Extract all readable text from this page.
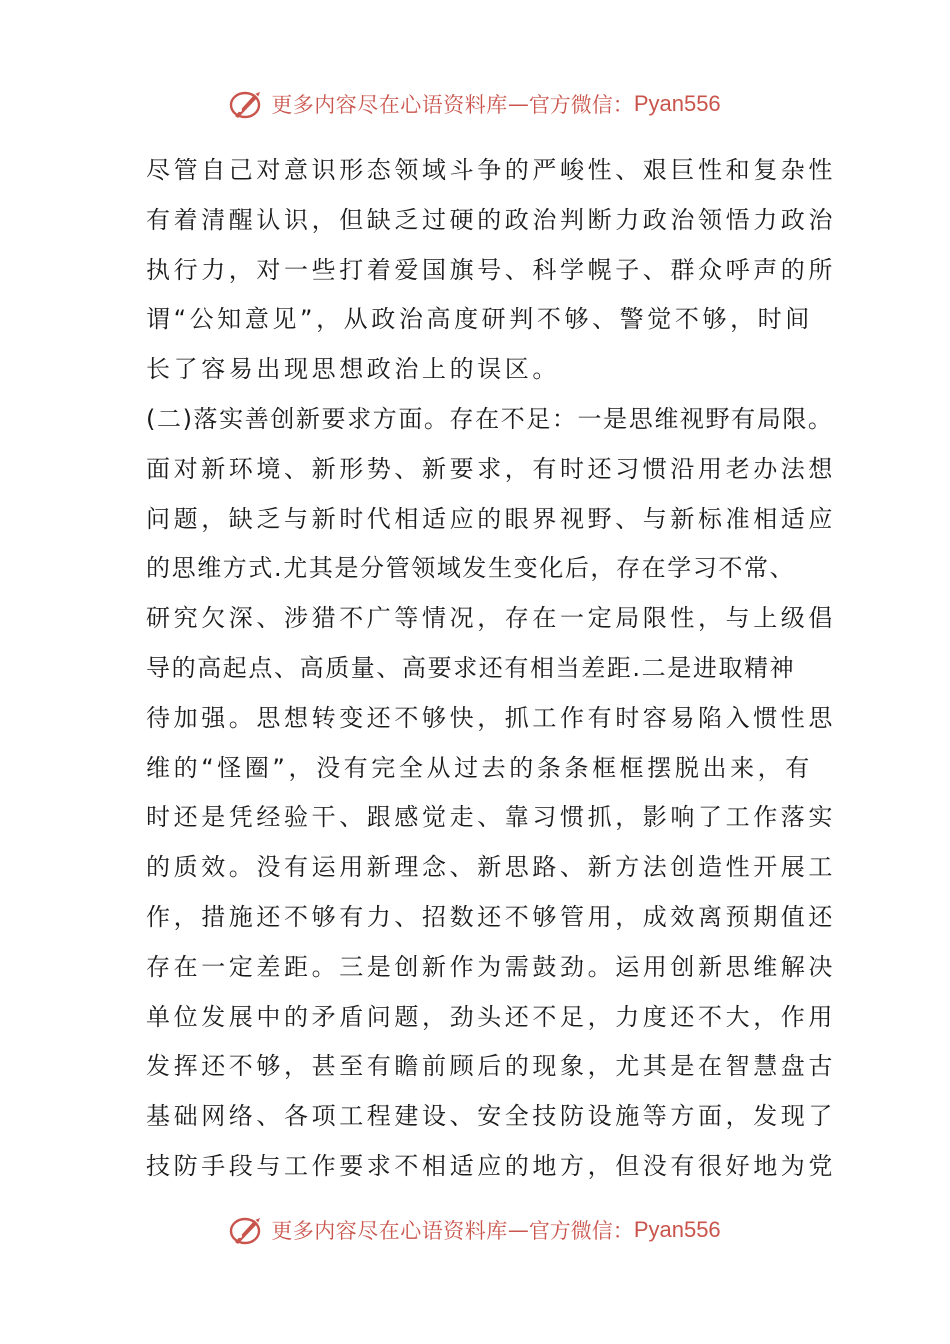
更多内容尽在心语资料库 — 官方微信： Pyan556
尽管自己对意识形态领域斗争的严峻性、艰巨性和复杂性
有着清醒认识，但缺乏过硬的政治判断力政治领悟力政治
执行力，对一些打着爱国旗号、科学幌子、群众呼声的所
谓“公知意见”，从政治高度研判不够、警觉不够，时间
长了容易出现思想政治上的误区。
(二)落实善创新要求方面。存在不足：一是思维视野有局限。
面对新环境、新形势、新要求，有时还习惯沿用老办法想
问题，缺乏与新时代相适应的眼界视野、与新标准相适应
的思维方式.尤其是分管领域发生变化后，存在学习不常、
研究欠深、涉猎不广等情况，存在一定局限性，与上级倡
导的高起点、高质量、高要求还有相当差距.二是进取精神
待加强。思想转变还不够快，抓工作有时容易陷入惯性思
维的“怪圈”，没有完全从过去的条条框框摆脱出来，有
时还是凭经验干、跟感觉走、靠习惯抓，影响了工作落实
的质效。没有运用新理念、新思路、新方法创造性开展工
作，措施还不够有力、招数还不够管用，成效离预期值还
存在一定差距。三是创新作为需鼓劲。运用创新思维解决
单位发展中的矛盾问题，劲头还不足，力度还不大，作用
发挥还不够，甚至有瞻前顾后的现象，尤其是在智慧盘古
基础网络、各项工程建设、安全技防设施等方面，发现了
技防手段与工作要求不相适应的地方，但没有很好地为党
更多内容尽在心语资料库 — 官方微信： Pyan556
